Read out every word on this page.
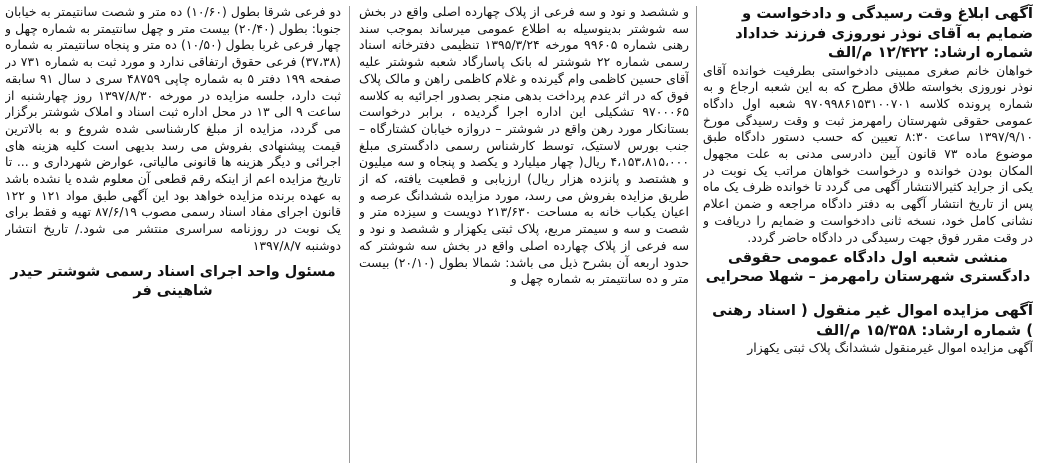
آگهی ابلاغ وقت رسیدگی و دادخواست و ضمایم به آقای نوذر نوروزی فرزند خداداد شماره ارشاد: ۱۲/۴۲۲ م/الف

خواهان خانم صغری ممبینی دادخواستی بطرفیت خوانده آقای نوذر نوروزی بخواسته طلاق مطرح که به این شعبه ارجاع و به شماره پرونده کلاسه ۹۷۰۹۹۸۶۱۵۳۱۰۰۷۰۱ شعبه اول دادگاه عمومی حقوقی شهرستان رامهرمز ثبت و وقت رسیدگی مورخ ۱۳۹۷/۹/۱۰ ساعت ۸:۳۰ تعیین که حسب دستور دادگاه طبق موضوع ماده ۷۳ قانون آیین دادرسی مدنی به علت مجهول المکان بودن خوانده و درخواست خواهان مراتب یک نوبت در یکی از جراید کثیرالانتشار آگهی می گردد تا خوانده ظرف یک ماه پس از تاریخ انتشار آگهی به دفتر دادگاه مراجعه و ضمن اعلام نشانی کامل خود، نسخه ثانی دادخواست و ضمایم را دریافت و در وقت مقرر فوق جهت رسیدگی در دادگاه حاضر گردد.

منشی شعبه اول دادگاه عمومی حقوقی دادگستری شهرستان رامهرمز – شهلا صحرایی

آگهی مزایده اموال غیر منقول ( اسناد رهنی ) شماره ارشاد: ۱۵/۳۵۸ م/الف

آگهی مزایده اموال غیرمنقول ششدانگ پلاک ثبتی یکهزار

و ششصد و نود و سه فرعی از پلاک چهارده اصلی واقع در بخش سه شوشتر بدینوسیله به اطلاع عمومی میرساند بموجب سند رهنی شماره ۹۹۶۰۵ مورخه ۱۳۹۵/۳/۲۴ تنظیمی دفترخانه اسناد رسمی شماره ۲۲ شوشتر له بانک پاسارگاد شعبه شوشتر علیه آقای حسین کاظمی وام گیرنده و غلام کاظمی راهن و مالک پلاک فوق که در اثر عدم پرداخت بدهی منجر بصدور اجرائیه به کلاسه ۹۷۰۰۰۶۵ تشکیلی این اداره اجرا گردیده ، برابر درخواست بستانکار مورد رهن واقع در شوشتر – دروازه خیابان کشتارگاه – جنب بورس لاستیک، توسط کارشناس رسمی دادگستری مبلغ ۴،۱۵۳،۸۱۵،۰۰۰ ریال( چهار میلیارد و یکصد و پنجاه و سه میلیون و هشتصد و پانزده هزار ریال) ارزیابی و قطعیت یافته، که از طریق مزایده بفروش می رسد، مورد مزایده ششدانگ عرصه و اعیان یکباب خانه به مساحت ۲۱۳/۶۳۰ دویست و سیزده متر و شصت و سه و سیمتر مربع، پلاک ثبتی یکهزار و ششصد و نود و سه فرعی از پلاک چهارده اصلی واقع در بخش سه شوشتر که حدود اربعه آن بشرح ذیل می باشد: شمالا بطول (۲۰/۱۰) بیست متر و ده سانتیمتر به شماره چهل و

دو فرعی شرقا بطول (۱۰/۶۰) ده متر و شصت سانتیمتر به خیابان جنوبا: بطول (۲۰/۴۰) بیست متر و چهل سانتیمتر به شماره چهل و چهار فرعی غربا بطول (۱۰/۵۰) ده متر و پنجاه سانتیمتر به شماره (۳۷،۳۸) فرعی حقوق ارتفاقی ندارد و مورد ثبت به شماره ۷۳۱ در صفحه ۱۹۹ دفتر ۵ به شماره چاپی ۴۸۷۵۹ سری د سال ۹۱ سابقه ثبت دارد، جلسه مزایده در مورخه ۱۳۹۷/۸/۳۰ روز چهارشنبه از ساعت ۹ الی ۱۳ در محل اداره ثبت اسناد و املاک شوشتر برگزار می گردد، مزایده از مبلغ کارشناسی شده شروع و به بالاترین قیمت پیشنهادی بفروش می رسد بدیهی است کلیه هزینه های اجرائی و دیگر هزینه ها قانونی مالیاتی، عوارض شهرداری و ... تا تاریخ مزایده اعم از اینکه رقم قطعی آن معلوم شده یا نشده باشد به عهده برنده مزایده خواهد بود این آگهی طبق مواد ۱۲۱ و ۱۲۲ قانون اجرای مفاد اسناد رسمی مصوب ۸۷/۶/۱۹ تهیه و فقط برای یک نوبت در روزنامه سراسری منتشر می شود./ تاریخ انتشار دوشنبه ۱۳۹۷/۸/۷

مسئول واحد اجرای اسناد رسمی شوشتر حیدر شاهینی فر
